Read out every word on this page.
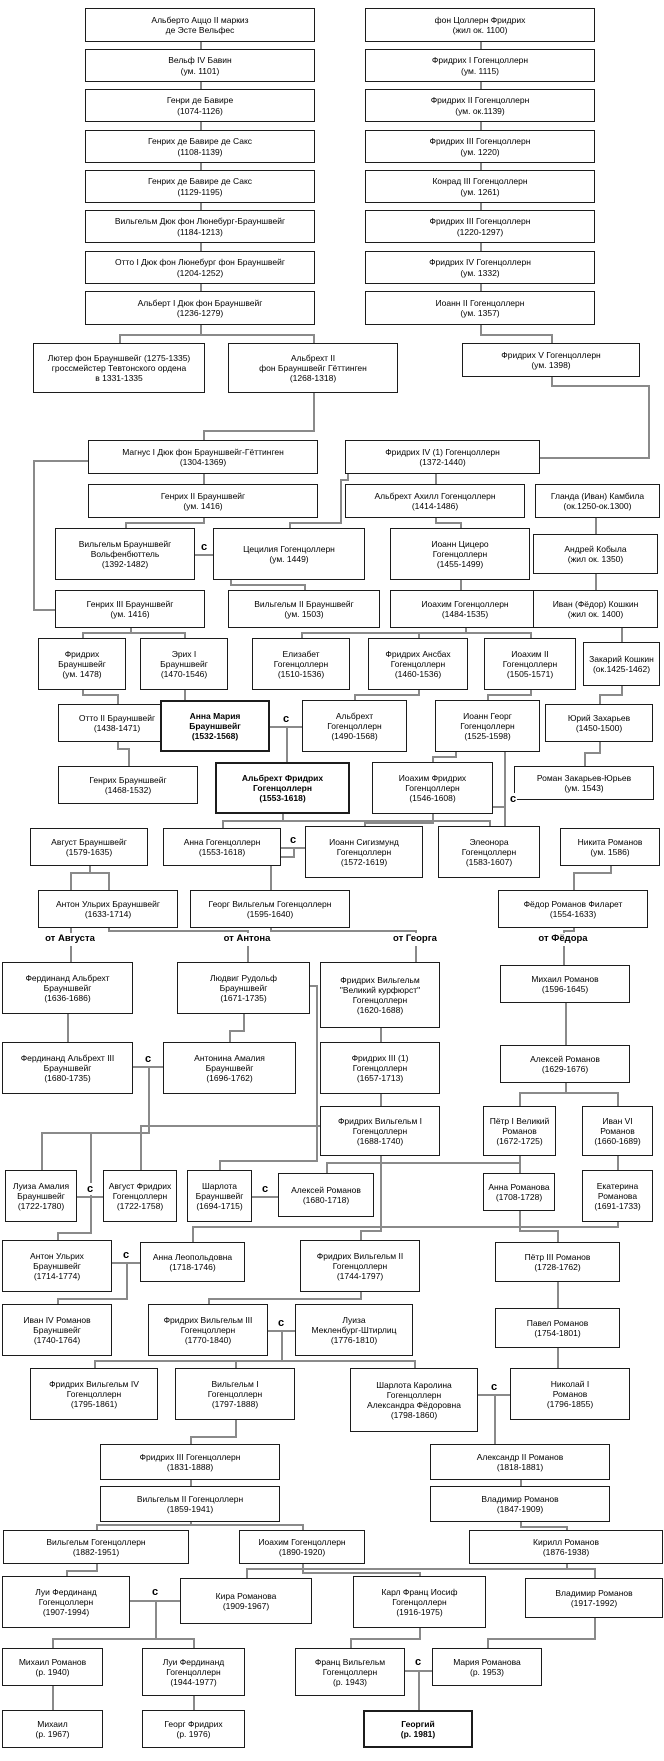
Альберто Аццо II маркиз
де Эсте Вельфес
Вельф IV Бавин
(ум. 1101)
Генри де Бавире
(1074-1126)
Генрих де Бавире де Сакс
(1108-1139)
Генрих де Бавире де Сакс
(1129-1195)
Вильгельм Дюк фон Люнебург-Брауншвейг
(1184-1213)
Отто I Дюк фон Люнебург фон Брауншвейг
(1204-1252)
Альберт I Дюк фон Брауншвейг
(1236-1279)
фон Цоллерн Фридрих
(жил ок. 1100)
Фридрих I Гогенцоллерн
(ум. 1115)
Фридрих II Гогенцоллерн
(ум. ок.1139)
Фридрих III Гогенцоллерн
(ум. 1220)
Конрад III Гогенцоллерн
(ум. 1261)
Фридрих III Гогенцоллерн
(1220-1297)
Фридрих IV Гогенцоллерн
(ум. 1332)
Иоанн II Гогенцоллерн
(ум. 1357)
Лютер фон Брауншвейг (1275-1335)
гроссмейстер Тевтонского ордена
в 1331-1335
Альбрехт II
фон Брауншвейг Гёттинген
(1268-1318)
Фридрих V Гогенцоллерн
(ум. 1398)
Магнус I Дюк фон Брауншвейг-Гёттинген
(1304-1369)
Фридрих IV (1) Гогенцоллерн
(1372-1440)
Генрих II Брауншвейг
(ум. 1416)
Альбрехт Ахилл Гогенцоллерн
(1414-1486)
Гланда (Иван) Камбила
(ок.1250-ок.1300)
Вильгельм Брауншвейг
Вольфенбюттель
(1392-1482)
Цецилия Гогенцоллерн
(ум. 1449)
Иоанн Цицеро
Гогенцоллерн
(1455-1499)
Андрей Кобыла
(жил ок. 1350)
Генрих III Брауншвейг
(ум. 1416)
Вильгельм II Брауншвейг
(ум. 1503)
Иоахим Гогенцоллерн
(1484-1535)
Иван (Фёдор) Кошкин
(жил ок. 1400)
Фридрих
Брауншвейг
(ум. 1478)
Эрих I
Брауншвейг
(1470-1546)
Елизабет
Гогенцоллерн
(1510-1536)
Фридрих Ансбах
Гогенцоллерн
(1460-1536)
Иоахим II
Гогенцоллерн
(1505-1571)
Закарий Кошкин
(ок.1425-1462)
Отто II Брауншвейг
(1438-1471)
Анна Мария
Брауншвейг
(1532-1568)
Альбрехт
Гогенцоллерн
(1490-1568)
Иоанн Георг
Гогенцоллерн
(1525-1598)
Юрий Захарьев
(1450-1500)
Генрих Брауншвейг
(1468-1532)
Альбрехт Фридрих
Гогенцоллерн
(1553-1618)
Иоахим Фридрих
Гогенцоллерн
(1546-1608)
Роман Закарьев-Юрьев
(ум. 1543)
Август Брауншвейг
(1579-1635)
Анна Гогенцоллерн
(1553-1618)
Иоанн Сигизмунд
Гогенцоллерн
(1572-1619)
Элеонора
Гогенцоллерн
(1583-1607)
Никита Романов
(ум. 1586)
Антон Ульрих Брауншвейг
(1633-1714)
Георг Вильгельм Гогенцоллерн
(1595-1640)
Фёдор Романов Филарет
(1554-1633)
Фердинанд Альбрехт
Брауншвейг
(1636-1686)
Людвиг Рудольф
Брауншвейг
(1671-1735)
Фридрих Вильгельм
"Великий курфюрст"
Гогенцоллерн
(1620-1688)
Михаил Романов
(1596-1645)
Фердинанд Альбрехт III
Брауншвейг
(1680-1735)
Антонина Амалия
Брауншвейг
(1696-1762)
Фридрих III (1)
Гогенцоллерн
(1657-1713)
Алексей Романов
(1629-1676)
Фридрих Вильгельм I
Гогенцоллерн
(1688-1740)
Пётр I Великий
Романов
(1672-1725)
Иван VI
Романов
(1660-1689)
Луиза Амалия
Брауншвейг
(1722-1780)
Август Фридрих
Гогенцоллерн
(1722-1758)
Шарлота
Брауншвейг
(1694-1715)
Алексей Романов
(1680-1718)
Анна Романова
(1708-1728)
Екатерина
Романова
(1691-1733)
Антон Ульрих
Брауншвейг
(1714-1774)
Анна Леопольдовна
(1718-1746)
Фридрих Вильгельм II
Гогенцоллерн
(1744-1797)
Пётр III Романов
(1728-1762)
Иван IV Романов
Брауншвейг
(1740-1764)
Фридрих Вильгельм III
Гогенцоллерн
(1770-1840)
Луиза
Мекленбург-Штирлиц
(1776-1810)
Павел Романов
(1754-1801)
Фридрих Вильгельм IV
Гогенцоллерн
(1795-1861)
Вильгельм I
Гогенцоллерн
(1797-1888)
Шарлота Каролина
Гогенцоллерн
Александра Фёдоровна
(1798-1860)
Николай I
Романов
(1796-1855)
Фридрих III Гогенцоллерн
(1831-1888)
Александр II Романов
(1818-1881)
Вильгельм II Гогенцоллерн
(1859-1941)
Владимир Романов
(1847-1909)
Вильгельм Гогенцоллерн
(1882-1951)
Иоахим Гогенцоллерн
(1890-1920)
Кирилл Романов
(1876-1938)
Луи Фердинанд
Гогенцоллерн
(1907-1994)
Кира Романова
(1909-1967)
Карл Франц Иосиф
Гогенцоллерн
(1916-1975)
Владимир Романов
(1917-1992)
Михаил Романов
(р. 1940)
Луи Фердинанд
Гогенцоллерн
(1944-1977)
Франц Вильгельм
Гогенцоллерн
(р. 1943)
Мария Романова
(р. 1953)
Михаил
(р. 1967)
Георг Фридрих
(р. 1976)
Георгий
(р. 1981)
с
с
с
с
с
с	с
с
с
с
с
с
от Августа	от Антона	от Георга	от Фёдора
